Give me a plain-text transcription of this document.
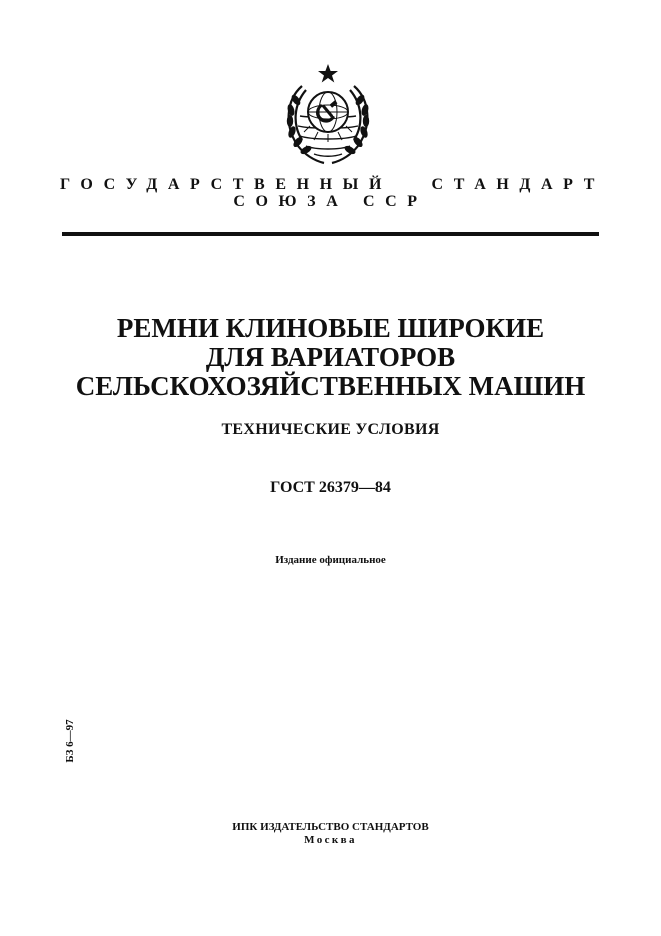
ГОСУДАРСТВЕННЫЙ СТАНДАРТ
СОЮЗА ССР
РЕМНИ КЛИНОВЫЕ ШИРОКИЕ
ДЛЯ ВАРИАТОРОВ
СЕЛЬСКОХОЗЯЙСТВЕННЫХ МАШИН
ТЕХНИЧЕСКИЕ УСЛОВИЯ
ГОСТ 26379—84
Издание официальное
БЗ 6—97
ИПК ИЗДАТЕЛЬСТВО СТАНДАРТОВ
Москва
